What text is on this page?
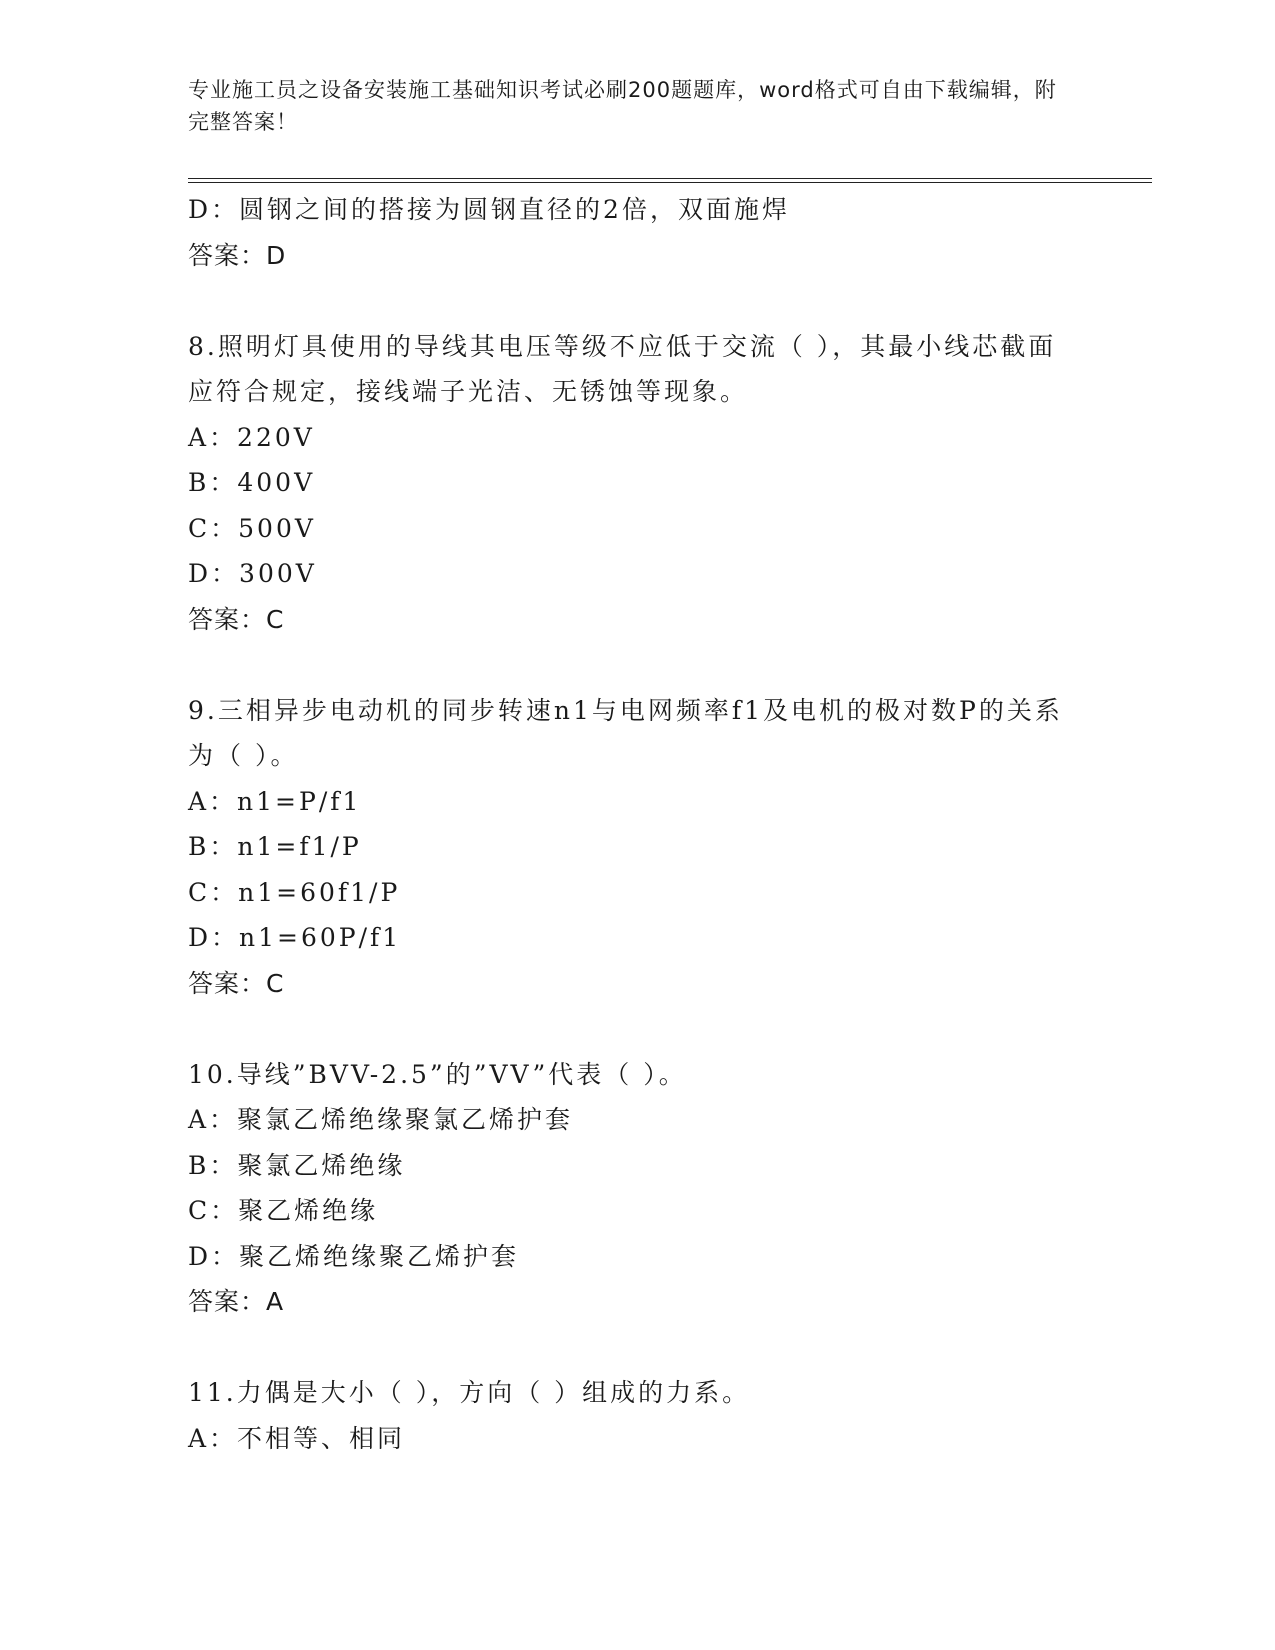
专业施工员之设备安装施工基础知识考试必刷200题题库，word格式可自由下载编辑，附完整答案！
D：圆钢之间的搭接为圆钢直径的2倍，双面施焊
答案：D
8.照明灯具使用的导线其电压等级不应低于交流（ ），其最小线芯截面应符合规定，接线端子光洁、无锈蚀等现象。
A：220V
B：400V
C：500V
D：300V
答案：C
9.三相异步电动机的同步转速n1与电网频率f1及电机的极对数P的关系为（ ）。
A：n1=P/f1
B：n1=f1/P
C：n1=60f1/P
D：n1=60P/f1
答案：C
10.导线”BVV-2.5”的”VV”代表（ ）。
A：聚氯乙烯绝缘聚氯乙烯护套
B：聚氯乙烯绝缘
C：聚乙烯绝缘
D：聚乙烯绝缘聚乙烯护套
答案：A
11.力偶是大小（ ），方向（ ）组成的力系。
A：不相等、相同
